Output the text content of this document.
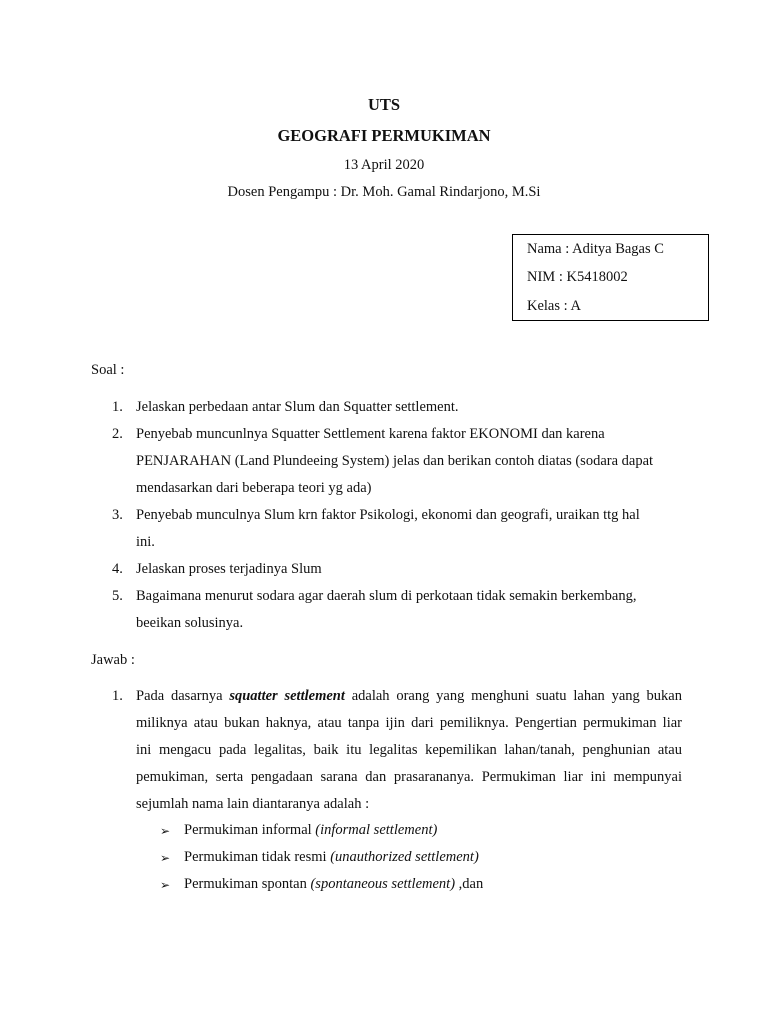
UTS
GEOGRAFI PERMUKIMAN
13 April 2020
Dosen Pengampu : Dr. Moh. Gamal Rindarjono, M.Si
Nama : Aditya Bagas C
NIM : K5418002
Kelas : A
Soal :
1. Jelaskan perbedaan antar Slum dan Squatter settlement.
2. Penyebab muncunlnya Squatter Settlement karena faktor EKONOMI dan karena
PENJARAHAN (Land Plundeeing System) jelas dan berikan contoh diatas (sodara dapat
mendasarkan dari beberapa teori yg ada)
3. Penyebab munculnya Slum krn faktor Psikologi, ekonomi dan geografi, uraikan ttg hal
ini.
4. Jelaskan proses terjadinya Slum
5. Bagaimana menurut sodara agar daerah slum di perkotaan tidak semakin berkembang,
beeikan solusinya.
Jawab :
1. Pada dasarnya squatter settlement adalah orang yang menghuni suatu lahan yang bukan
miliknya atau bukan haknya, atau tanpa ijin dari pemiliknya. Pengertian permukiman liar
ini mengacu pada legalitas, baik itu legalitas kepemilikan lahan/tanah, penghunian atau
pemukiman, serta pengadaan sarana dan prasarananya. Permukiman liar ini mempunyai
sejumlah nama lain diantaranya adalah :
➢ Permukiman informal (informal settlement)
➢ Permukiman tidak resmi (unauthorized settlement)
➢ Permukiman spontan (spontaneous settlement) ,dan
